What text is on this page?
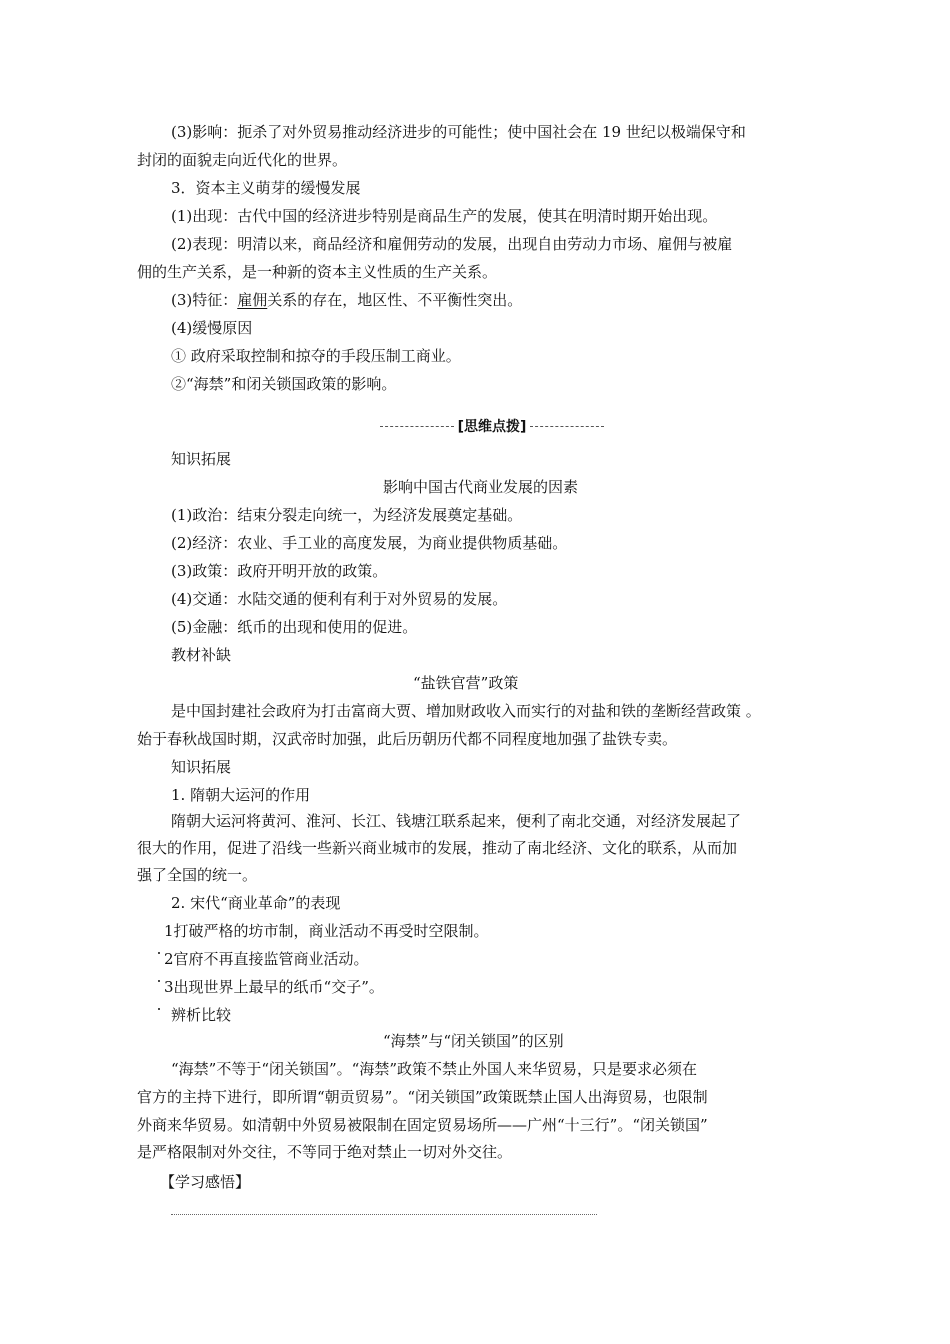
(3)影响：扼杀了对外贸易推动经济进步的可能性；使中国社会在 19 世纪以极端保守和
封闭的面貌走向近代化的世界。
3．资本主义萌芽的缓慢发展
(1)出现：古代中国的经济进步特别是商品生产的发展，使其在明清时期开始出现。
(2)表现：明清以来，商品经济和雇佣劳动的发展，出现自由劳动力市场、雇佣与被雇
佣的生产关系，是一种新的资本主义性质的生产关系。
(3)特征：雇佣关系的存在，地区性、不平衡性突出。
(4)缓慢原因
① 政府采取控制和掠夺的手段压制工商业。
②“海禁”和闭关锁国政策的影响。
[思维点拨]
知识拓展
影响中国古代商业发展的因素
(1)政治：结束分裂走向统一，为经济发展奠定基础。
(2)经济：农业、手工业的高度发展，为商业提供物质基础。
(3)政策：政府开明开放的政策。
(4)交通：水陆交通的便利有利于对外贸易的发展。
(5)金融：纸币的出现和使用的促进。
教材补缺
“盐铁官营”政策
是中国封建社会政府为打击富商大贾、增加财政收入而实行的对盐和铁的垄断经营政策 。
始于春秋战国时期，汉武帝时加强，此后历朝历代都不同程度地加强了盐铁专卖。
知识拓展
1. 隋朝大运河的作用
隋朝大运河将黄河、淮河、长江、钱塘江联系起来，便利了南北交通，对经济发展起了
很大的作用，促进了沿线一些新兴商业城市的发展，推动了南北经济、文化的联系，从而加
强了全国的统一。
2. 宋代“商业革命”的表现
1打破严格的坊市制，商业活动不再受时空限制。
2官府不再直接监管商业活动。
3出现世界上最早的纸币“交子”。
辨析比较
“海禁”与“闭关锁国”的区别
“海禁”不等于“闭关锁国”。“海禁”政策不禁止外国人来华贸易，只是要求必须在
官方的主持下进行，即所谓“朝贡贸易”。“闭关锁国”政策既禁止国人出海贸易，也限制
外商来华贸易。如清朝中外贸易被限制在固定贸易场所——广州“十三行”。“闭关锁国”
是严格限制对外交往，不等同于绝对禁止一切对外交往。
【学习感悟】
